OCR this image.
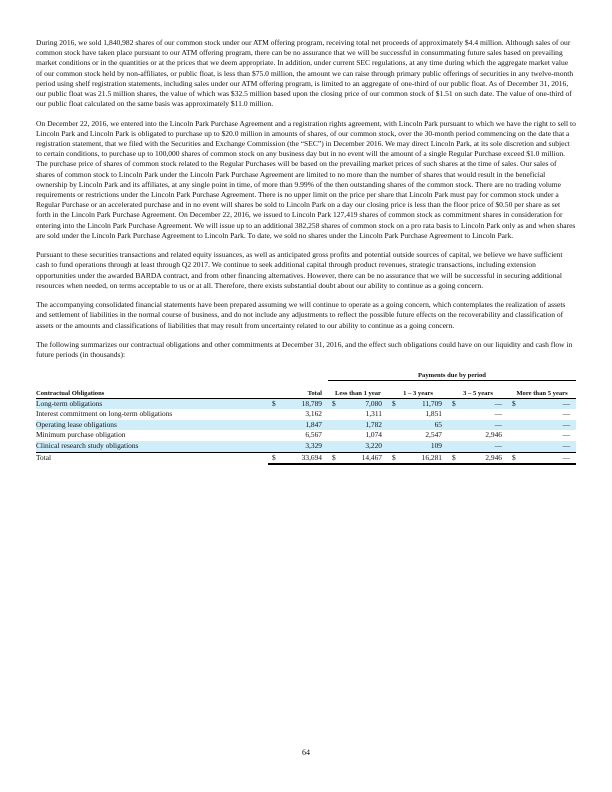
During 2016, we sold 1,840,982 shares of our common stock under our ATM offering program, receiving total net proceeds of approximately $4.4 million. Although sales of our common stock have taken place pursuant to our ATM offering program, there can be no assurance that we will be successful in consummating future sales based on prevailing market conditions or in the quantities or at the prices that we deem appropriate. In addition, under current SEC regulations, at any time during which the aggregate market value of our common stock held by non-affiliates, or public float, is less than $75.0 million, the amount we can raise through primary public offerings of securities in any twelve-month period using shelf registration statements, including sales under our ATM offering program, is limited to an aggregate of one-third of our public float. As of December 31, 2016, our public float was 21.5 million shares, the value of which was $32.5 million based upon the closing price of our common stock of $1.51 on such date. The value of one-third of our public float calculated on the same basis was approximately $11.0 million.

On December 22, 2016, we entered into the Lincoln Park Purchase Agreement and a registration rights agreement, with Lincoln Park pursuant to which we have the right to sell to Lincoln Park and Lincoln Park is obligated to purchase up to $20.0 million in amounts of shares, of our common stock, over the 30-month period commencing on the date that a registration statement, that we filed with the Securities and Exchange Commission (the “SEC”) in December 2016. We may direct Lincoln Park, at its sole discretion and subject to certain conditions, to purchase up to 100,000 shares of common stock on any business day but in no event will the amount of a single Regular Purchase exceed $1.0 million. The purchase price of shares of common stock related to the Regular Purchases will be based on the prevailing market prices of such shares at the time of sales. Our sales of shares of common stock to Lincoln Park under the Lincoln Park Purchase Agreement are limited to no more than the number of shares that would result in the beneficial ownership by Lincoln Park and its affiliates, at any single point in time, of more than 9.99% of the then outstanding shares of the common stock. There are no trading volume requirements or restrictions under the Lincoln Park Purchase Agreement. There is no upper limit on the price per share that Lincoln Park must pay for common stock under a Regular Purchase or an accelerated purchase and in no event will shares be sold to Lincoln Park on a day our closing price is less than the floor price of $0.50 per share as set forth in the Lincoln Park Purchase Agreement. On December 22, 2016, we issued to Lincoln Park 127,419 shares of common stock as commitment shares in consideration for entering into the Lincoln Park Purchase Agreement. We will issue up to an additional 382,258 shares of common stock on a pro rata basis to Lincoln Park only as and when shares are sold under the Lincoln Park Purchase Agreement to Lincoln Park. To date, we sold no shares under the Lincoln Park Purchase Agreement to Lincoln Park.

Pursuant to these securities transactions and related equity issuances, as well as anticipated gross profits and potential outside sources of capital, we believe we have sufficient cash to fund operations through at least through Q2 2017. We continue to seek additional capital through product revenues, strategic transactions, including extension opportunities under the awarded BARDA contract, and from other financing alternatives. However, there can be no assurance that we will be successful in securing additional resources when needed, on terms acceptable to us or at all. Therefore, there exists substantial doubt about our ability to continue as a going concern.

The accompanying consolidated financial statements have been prepared assuming we will continue to operate as a going concern, which contemplates the realization of assets and settlement of liabilities in the normal course of business, and do not include any adjustments to reflect the possible future effects on the recoverability and classification of assets or the amounts and classifications of liabilities that may result from uncertainty related to our ability to continue as a going concern.

The following summarizes our contractual obligations and other commitments at December 31, 2016, and the effect such obligations could have on our liquidity and cash flow in future periods (in thousands):

			Payments due by period							
Contractual Obligations	Total		Less than 1 year		1 – 3 years		3 – 5 years		More than 5 years	
Long-term obligations	$	18,789	$	7,080	$	11,709	$	—	$	—
Interest commitment on long-term obligations		3,162		1,311		1,851		—		—
Operating lease obligations		1,847		1,782		65		—		—
Minimum purchase obligation		6,567		1,074		2,547		2,946		—
Clinical research study obligations		3,329		3,220		109		—		—
Total	$	33,694	$	14,467	$	16,281	$	2,946	$	—
64
